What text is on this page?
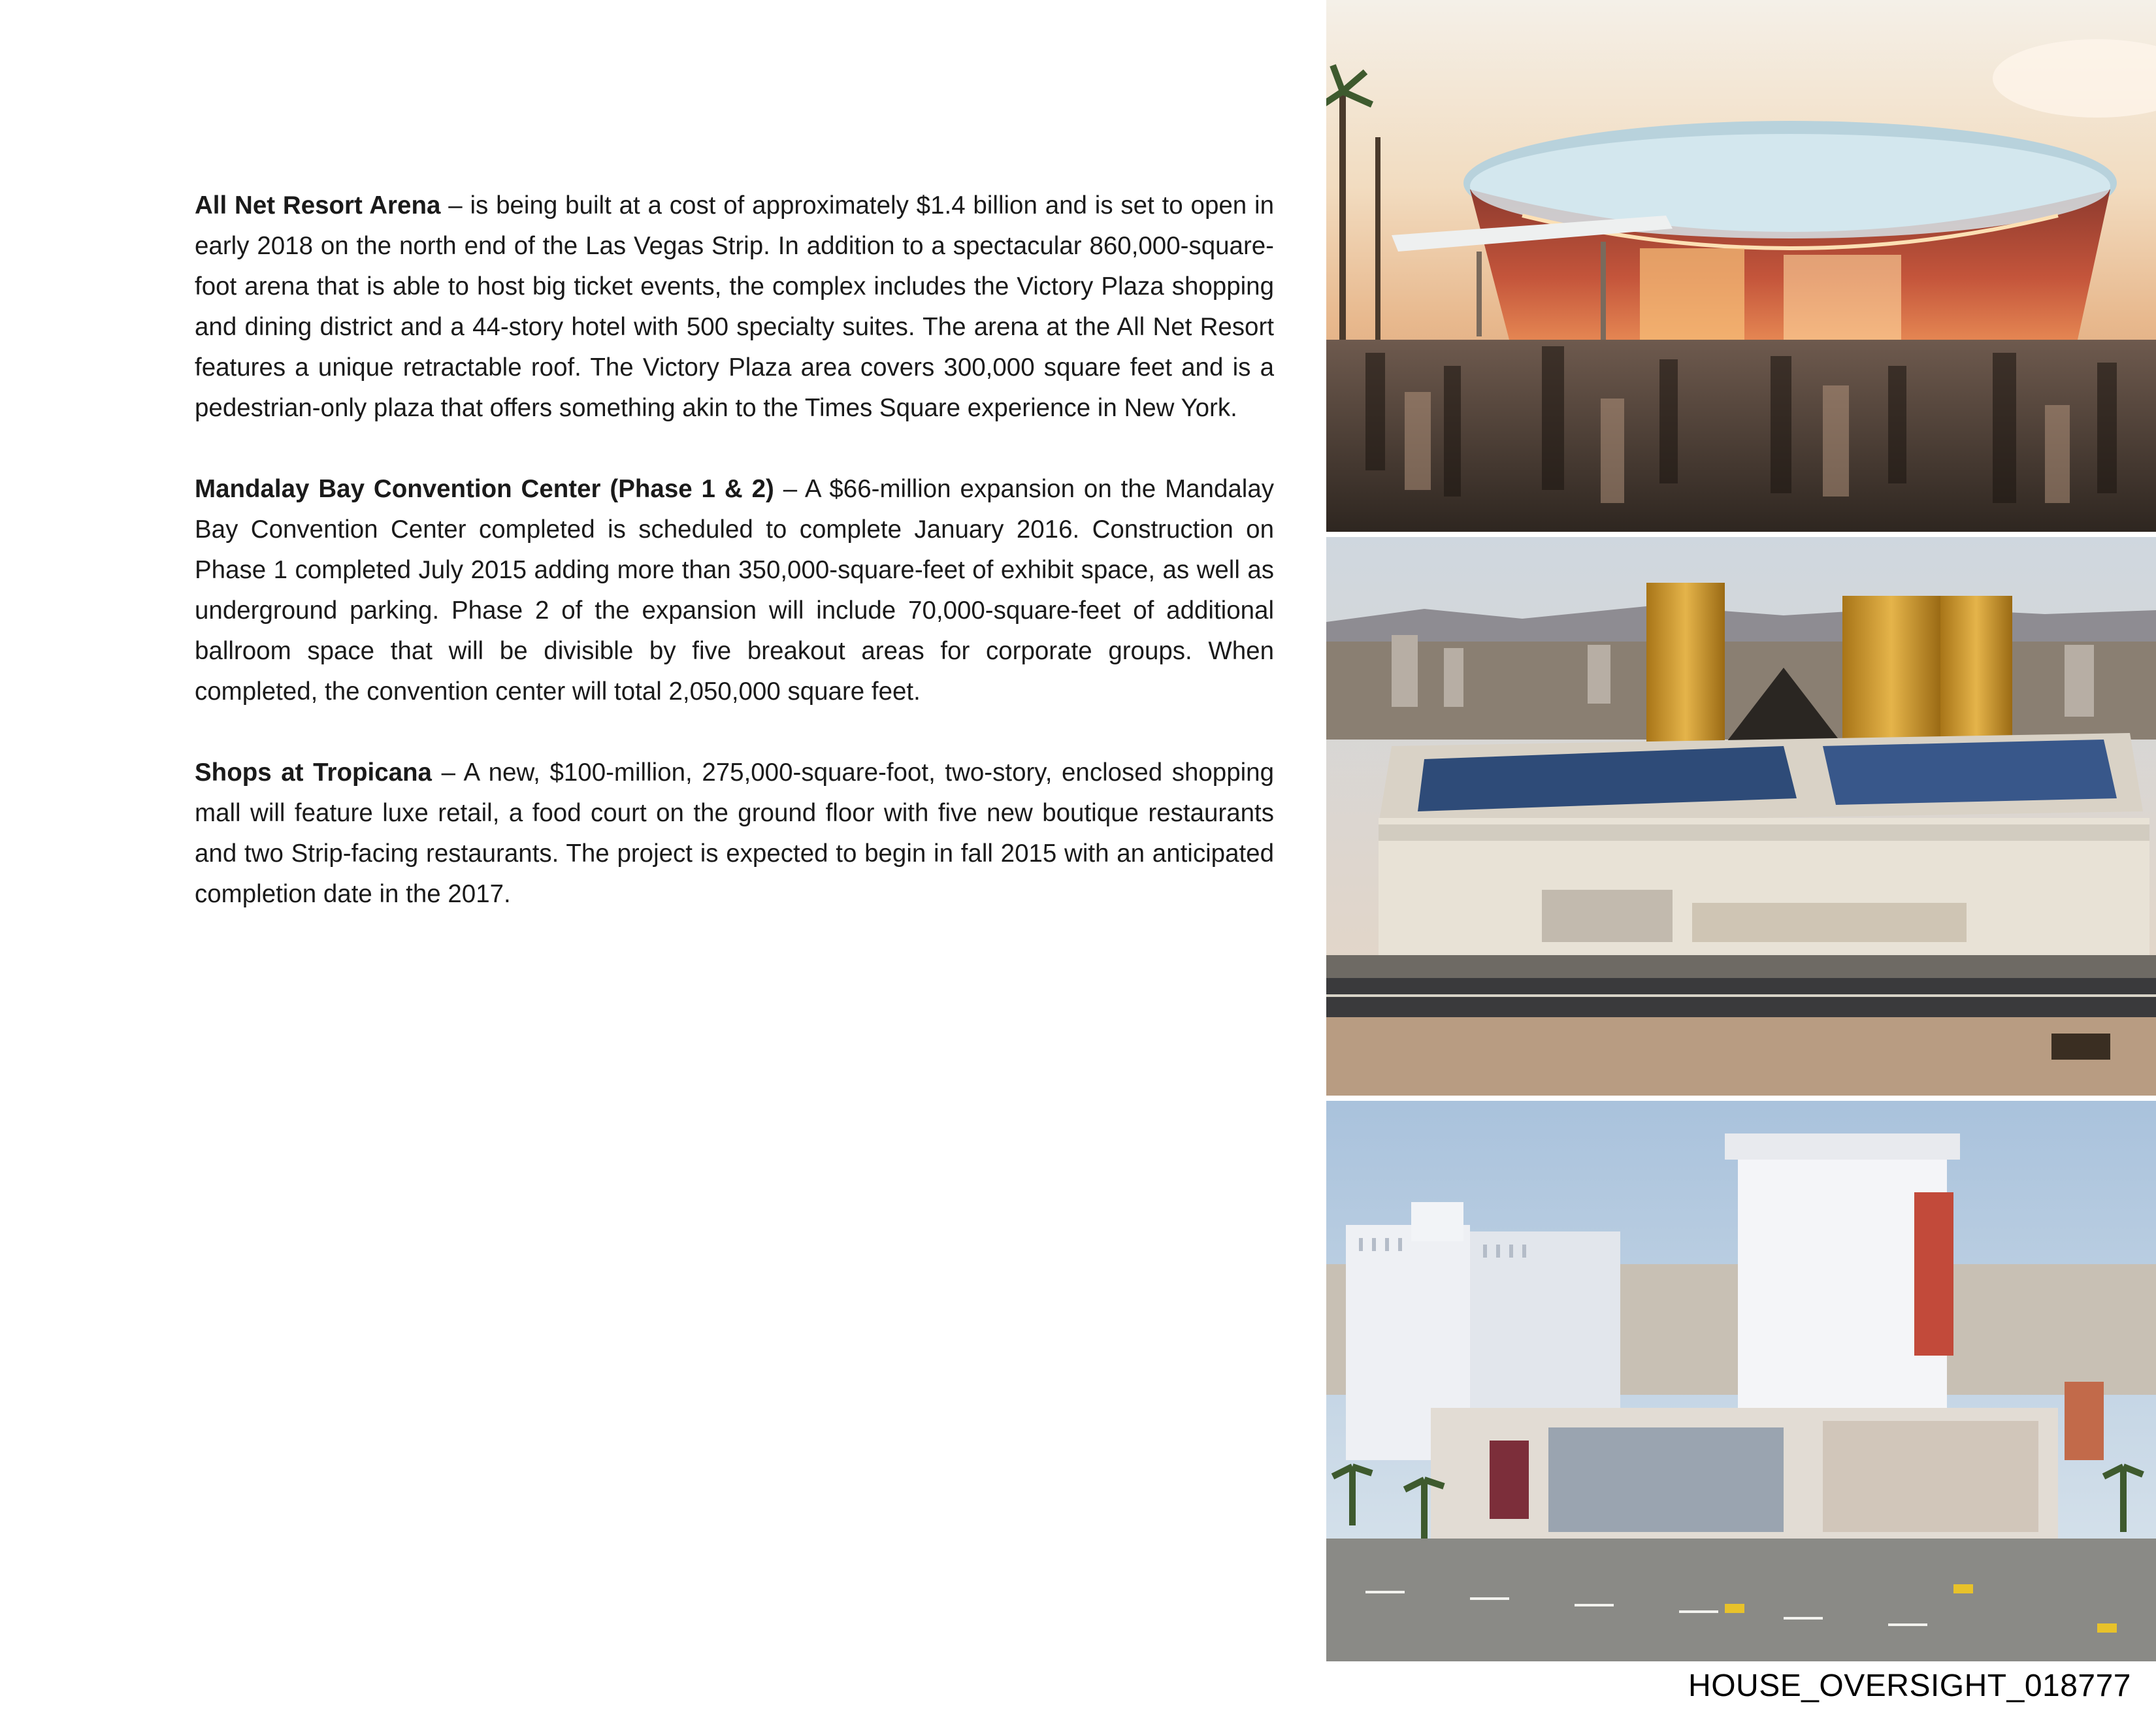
All Net Resort Arena – is being built at a cost of approximately $1.4 billion and is set to open in early 2018 on the north end of the Las Vegas Strip. In addition to a spectacular 860,000-square-foot arena that is able to host big ticket events, the complex includes the Victory Plaza shopping and dining district and a 44-story hotel with 500 specialty suites. The arena at the All Net Resort features a unique retractable roof. The Victory Plaza area covers 300,000 square feet and is a pedestrian-only plaza that offers something akin to the Times Square experience in New York.

Mandalay Bay Convention Center (Phase 1 & 2) – A $66-million expansion on the Mandalay Bay Convention Center completed is scheduled to complete January 2016. Construction on Phase 1 completed July 2015 adding more than 350,000-square-feet of exhibit space, as well as underground parking. Phase 2 of the expansion will include 70,000-square-feet of additional ballroom space that will be divisible by five breakout areas for corporate groups. When completed, the convention center will total 2,050,000 square feet.

Shops at Tropicana – A new, $100-million, 275,000-square-foot, two-story, enclosed shopping mall will feature luxe retail, a food court on the ground floor with five new boutique restaurants and two Strip-facing restaurants. The project is expected to begin in fall 2015 with an anticipated completion date in the 2017.

HOUSE_OVERSIGHT_018777
